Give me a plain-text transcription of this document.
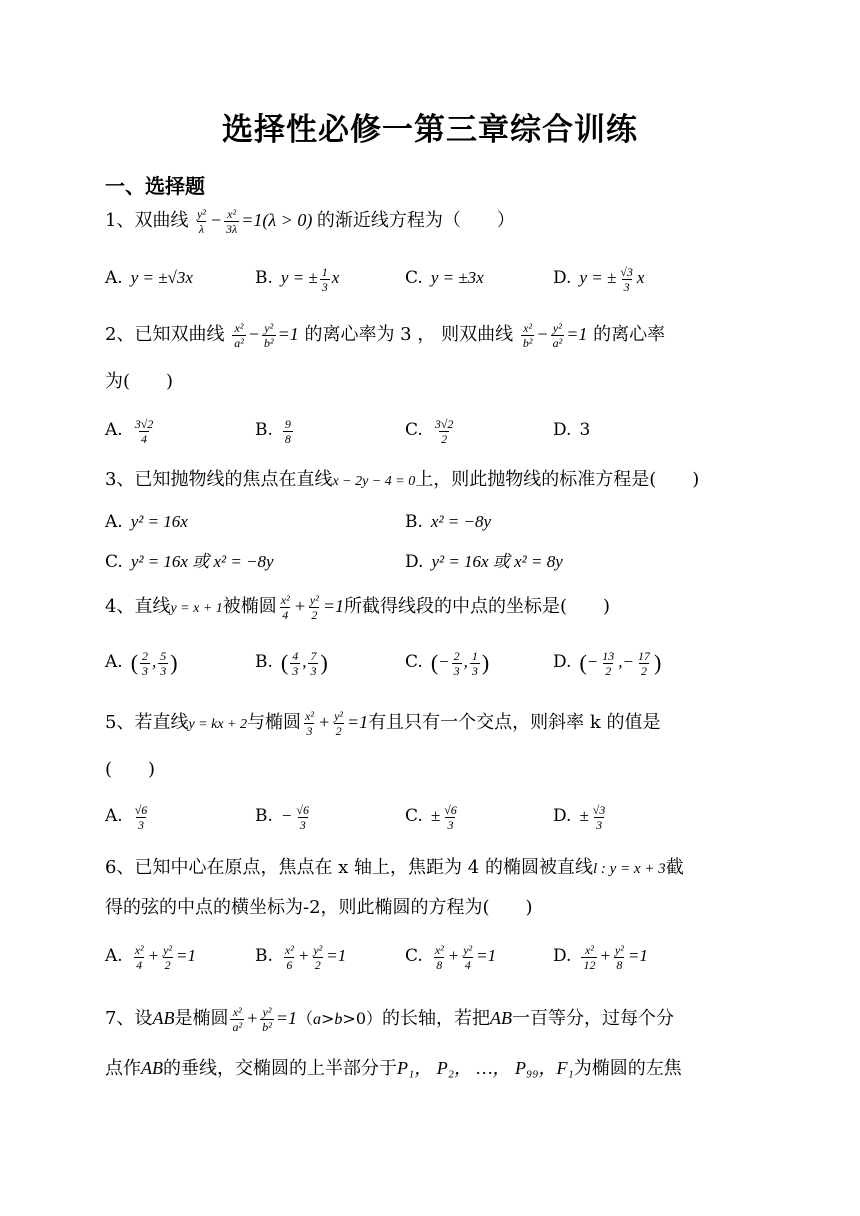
选择性必修一第三章综合训练
一、选择题
1、双曲线 $\frac{\text{y²}}{\lambda} - \frac{\text{x²}}{3\lambda} =1(\lambda > 0)$ 的渐近线方程为（　　）
A. y = ±√3x	B. y = ± $\frac{1}{3}$ x	C. y = ±3x	D. y = ± $\frac{√3}{3}$ x
2、已知双曲线 $\frac{\text{x²}}{\text{a²}} - \frac{\text{y²}}{\text{b²}} =1$ 的离心率为 3 ， 则双曲线 $\frac{\text{x²}}{\text{b²}} - \frac{\text{y²}}{\text{a²}} =1$ 的离心率
为(　　)
A. $\frac{3√2}{4}$	B. $\frac{9}{8}$	C. $\frac{3√2}{2}$	D. 3
3、已知抛物线的焦点在直线x − 2y − 4 = 0上，则此抛物线的标准方程是(　　)
A. y² = 16x	B. x² = −8y
C. y² = 16x 或 x² = −8y	D. y² = 16x 或 x² = 8y
4、直线y = x + 1被椭圆 $\frac{\text{x²}}{4} + \frac{\text{y²}}{2} =1$所截得线段的中点的坐标是(　　)
A. ( $\frac{2}{3}$ , $\frac{5}{3}$ )	B. ( $\frac{4}{3}$ , $\frac{7}{3}$ )	C. (− $\frac{2}{3}$ , $\frac{1}{3}$ )	D. (− $\frac{13}{2}$ ,− $\frac{17}{2}$ )
5、若直线y = kx + 2与椭圆 $\frac{\text{x²}}{3} + \frac{\text{y²}}{2} =1$有且只有一个交点，则斜率 k 的值是
(　　)
A. $\frac{√6}{3}$	B. − $\frac{√6}{3}$	C. ± $\frac{√6}{3}$	D. ± $\frac{√3}{3}$
6、已知中心在原点，焦点在 x 轴上，焦距为 4 的椭圆被直线l : y = x + 3截
得的弦的中点的横坐标为-2，则此椭圆的方程为(　　)
A. $\frac{\text{x²}}{4} + \frac{\text{y²}}{2} =1$	B. $\frac{\text{x²}}{6} + \frac{\text{y²}}{2} =1$	C. $\frac{\text{x²}}{8} + \frac{\text{y²}}{4} =1$	D. $\frac{\text{x²}}{12} + \frac{\text{y²}}{8} =1$
7、设AB是椭圆 $\frac{\text{x²}}{\text{a²}} + \frac{\text{y²}}{\text{b²}} =1(a>b>0)$的长轴，若把AB一百等分，过每个分
点作AB的垂线，交椭圆的上半部分于P₁， P₂， …， P₉₉，F₁为椭圆的左焦
